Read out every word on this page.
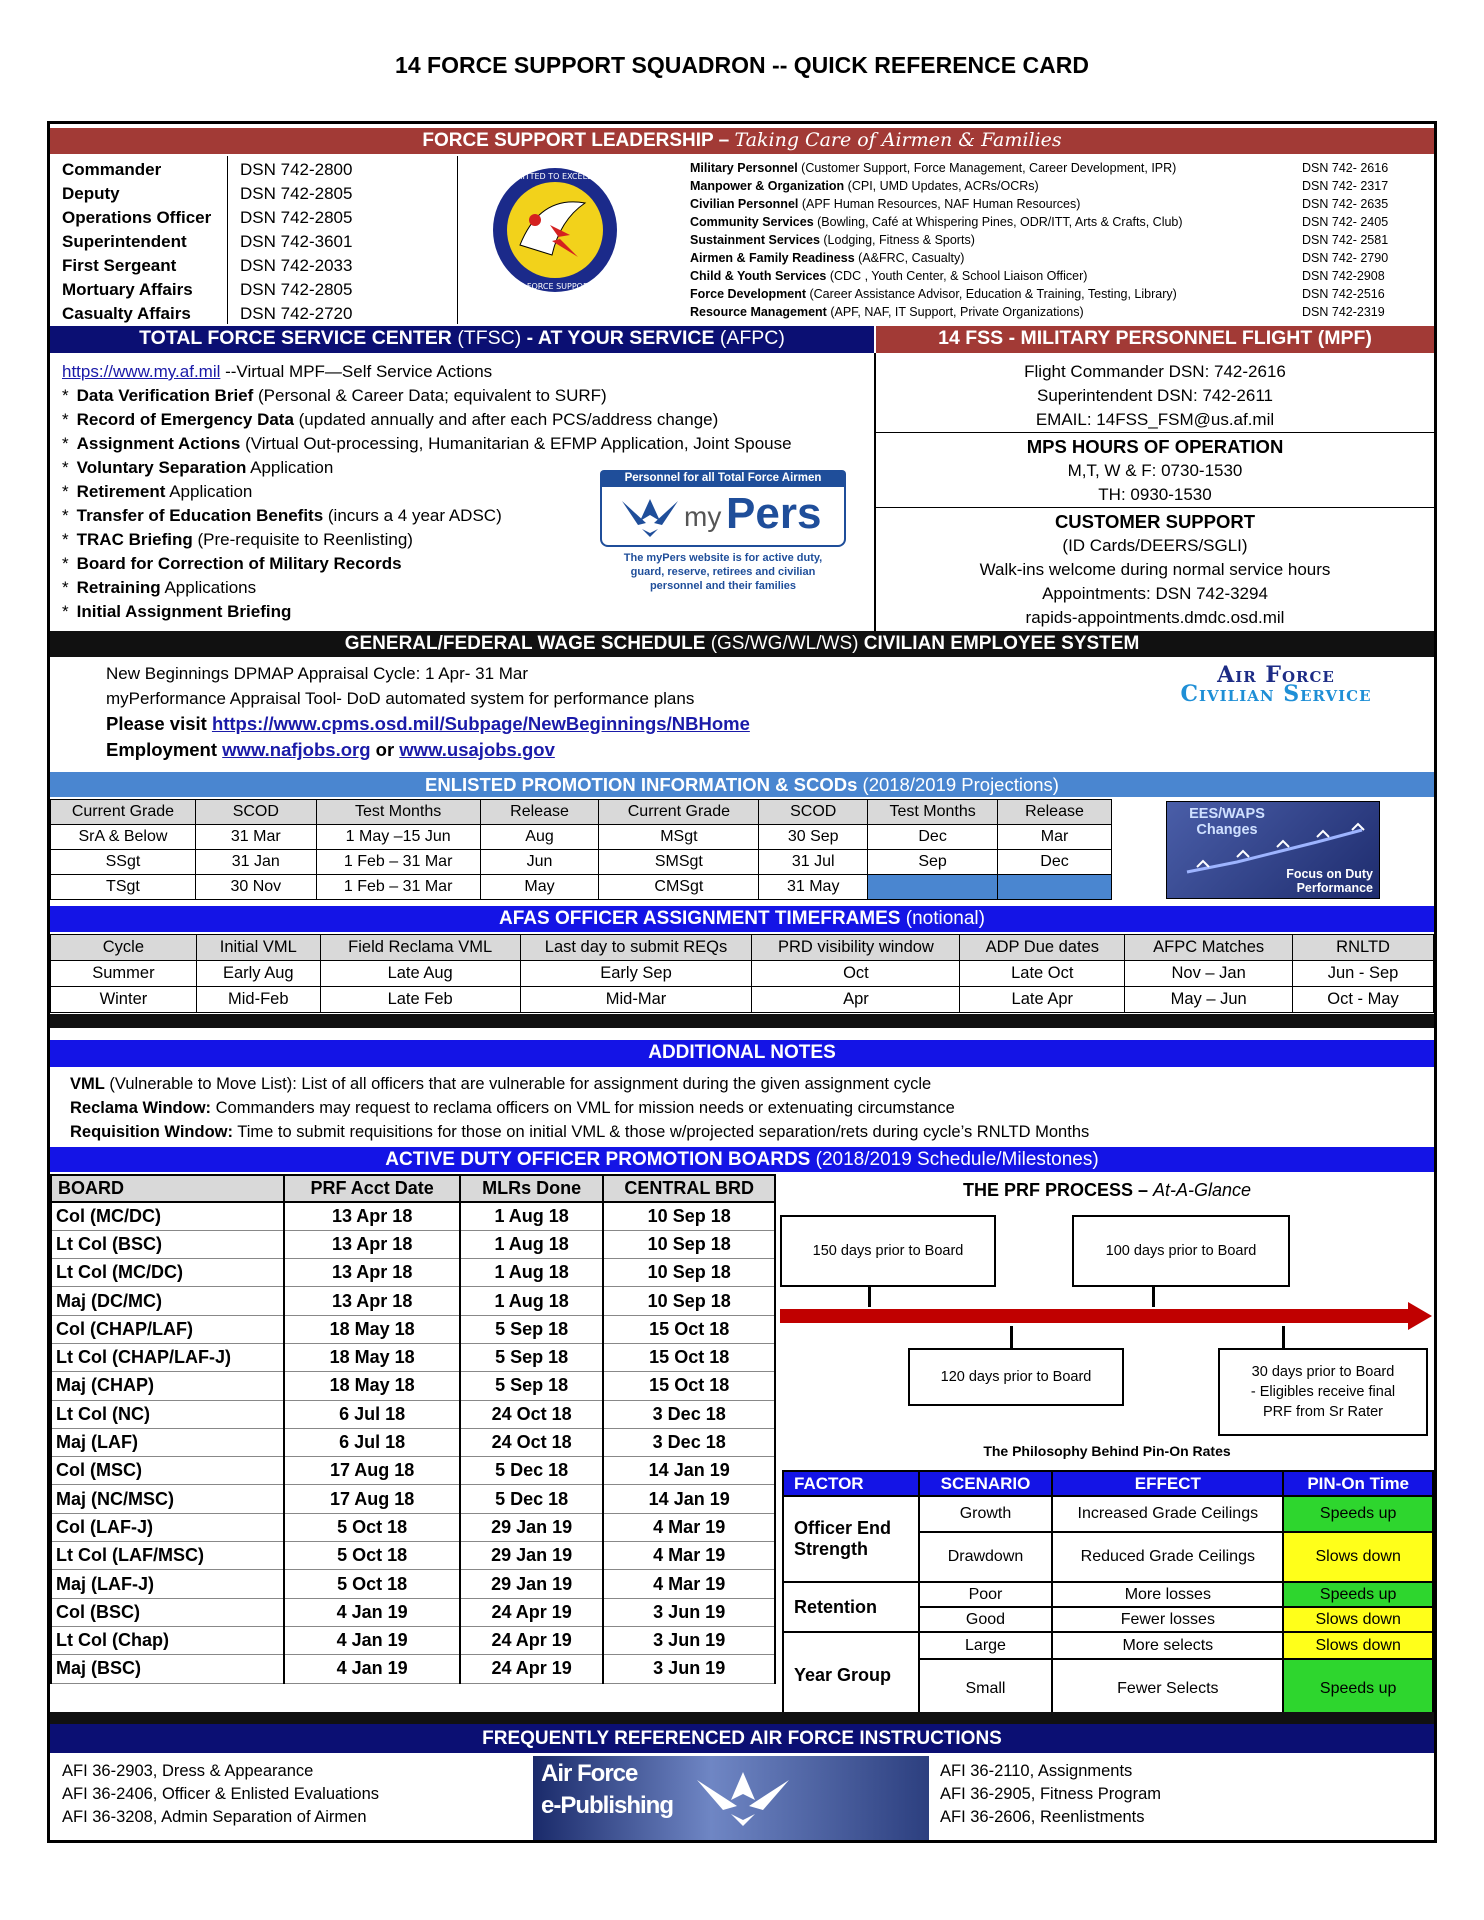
14 FORCE SUPPORT SQUADRON -- QUICK REFERENCE CARD
FORCE SUPPORT LEADERSHIP – Taking Care of Airmen & Families
Commander	DSN 742-2800
Deputy	DSN 742-2805
Operations Officer DSN 742-2805
Superintendent	DSN 742-3601
First Sergeant	DSN 742-2033
Mortuary Affairs	DSN 742-2805
Casualty Affairs	DSN 742-2720
COMMITTED TO EXCELLENCE
14TH FORCE SUPPORT SQ
Military Personnel (Customer Support, Force Management, Career Development, IPR)	DSN 742- 2616
Manpower & Organization (CPI, UMD Updates, ACRs/OCRs)	DSN 742- 2317
Civilian Personnel (APF Human Resources, NAF Human Resources)	DSN 742- 2635
Community Services (Bowling, Café at Whispering Pines, ODR/ITT, Arts & Crafts, Club)	DSN 742- 2405
Sustainment Services (Lodging, Fitness & Sports)	DSN 742- 2581
Airmen & Family Readiness (A&FRC, Casualty)	DSN 742- 2790
Child & Youth Services (CDC , Youth Center, & School Liaison Officer)	DSN 742-2908
Force Development (Career Assistance Advisor, Education & Training, Testing, Library)	DSN 742-2516
Resource Management (APF, NAF, IT Support, Private Organizations)	DSN 742-2319
TOTAL FORCE SERVICE CENTER (TFSC) - AT YOUR SERVICE (AFPC)	14 FSS - MILITARY PERSONNEL FLIGHT (MPF)
https://www.my.af.mil --Virtual MPF—Self Service Actions
* Data Verification Brief (Personal & Career Data; equivalent to SURF)
* Record of Emergency Data (updated annually and after each PCS/address change)
* Assignment Actions (Virtual Out-processing, Humanitarian & EFMP Application, Joint Spouse
* Voluntary Separation Application
* Retirement Application
* Transfer of Education Benefits (incurs a 4 year ADSC)
* TRAC Briefing (Pre-requisite to Reenlisting)
* Board for Correction of Military Records
* Retraining Applications
* Initial Assignment Briefing
Personnel for all Total Force Airmen
my Pers
The myPers website is for active duty, guard, reserve, retirees and civilian personnel and their families
Flight Commander DSN: 742-2616
Superintendent DSN: 742-2611
EMAIL: 14FSS_FSM@us.af.mil
MPS HOURS OF OPERATION
M,T, W & F: 0730-1530
TH: 0930-1530
CUSTOMER SUPPORT
(ID Cards/DEERS/SGLI)
Walk-ins welcome during normal service hours
Appointments: DSN 742-3294
rapids-appointments.dmdc.osd.mil
GENERAL/FEDERAL WAGE SCHEDULE (GS/WG/WL/WS) CIVILIAN EMPLOYEE SYSTEM
New Beginnings DPMAP Appraisal Cycle: 1 Apr- 31 Mar
myPerformance Appraisal Tool- DoD automated system for performance plans
Please visit https://www.cpms.osd.mil/Subpage/NewBeginnings/NBHome
Employment www.nafjobs.org or www.usajobs.gov
Air Force
Civilian Service
ENLISTED PROMOTION INFORMATION & SCODs (2018/2019 Projections)
Current Grade	SCOD	Test Months	Release	Current Grade	SCOD	Test Months	Release
SrA & Below	31 Mar	1 May –15 Jun	Aug	MSgt	30 Sep	Dec	Mar
SSgt	31 Jan	1 Feb – 31 Mar	Jun	SMSgt	31 Jul	Sep	Dec
TSgt	30 Nov	1 Feb – 31 Mar	May	CMSgt	31 May		
EES/WAPS Changes
Focus on Duty Performance
AFAS OFFICER ASSIGNMENT TIMEFRAMES (notional)
Cycle	Initial VML	Field Reclama VML	Last day to submit REQs	PRD visibility window	ADP Due dates	AFPC Matches	RNLTD
Summer	Early Aug	Late Aug	Early Sep	Oct	Late Oct	Nov – Jan	Jun - Sep
Winter	Mid-Feb	Late Feb	Mid-Mar	Apr	Late Apr	May – Jun	Oct - May
ADDITIONAL NOTES
VML (Vulnerable to Move List): List of all officers that are vulnerable for assignment during the given assignment cycle
Reclama Window: Commanders may request to reclama officers on VML for mission needs or extenuating circumstance
Requisition Window: Time to submit requisitions for those on initial VML & those w/projected separation/rets during cycle’s RNLTD Months
ACTIVE DUTY OFFICER PROMOTION BOARDS (2018/2019 Schedule/Milestones)
BOARD	PRF Acct Date	MLRs Done	CENTRAL BRD
Col (MC/DC)	13 Apr 18	1 Aug 18	10 Sep 18
Lt Col (BSC)	13 Apr 18	1 Aug 18	10 Sep 18
Lt Col (MC/DC)	13 Apr 18	1 Aug 18	10 Sep 18
Maj (DC/MC)	13 Apr 18	1 Aug 18	10 Sep 18
Col (CHAP/LAF)	18 May 18	5 Sep 18	15 Oct 18
Lt Col (CHAP/LAF-J)	18 May 18	5 Sep 18	15 Oct 18
Maj (CHAP)	18 May 18	5 Sep 18	15 Oct 18
Lt Col (NC)	6 Jul 18	24 Oct 18	3 Dec 18
Maj (LAF)	6 Jul 18	24 Oct 18	3 Dec 18
Col (MSC)	17 Aug 18	5 Dec 18	14 Jan 19
Maj (NC/MSC)	17 Aug 18	5 Dec 18	14 Jan 19
Col (LAF-J)	5 Oct 18	29 Jan 19	4 Mar 19
Lt Col (LAF/MSC)	5 Oct 18	29 Jan 19	4 Mar 19
Maj (LAF-J)	5 Oct 18	29 Jan 19	4 Mar 19
Col (BSC)	4 Jan 19	24 Apr 19	3 Jun 19
Lt Col (Chap)	4 Jan 19	24 Apr 19	3 Jun 19
Maj (BSC)	4 Jan 19	24 Apr 19	3 Jun 19
THE PRF PROCESS – At-A-Glance
150 days prior to Board	100 days prior to Board
120 days prior to Board	30 days prior to Board
- Eligibles receive final
PRF from Sr Rater
The Philosophy Behind Pin-On Rates
FACTOR	SCENARIO	EFFECT	PIN-On Time
Officer End Strength	Growth	Increased Grade Ceilings	Speeds up
	Drawdown	Reduced Grade Ceilings	Slows down
Retention	Poor	More losses	Speeds up
	Good	Fewer losses	Slows down
Year Group	Large	More selects	Slows down
	Small	Fewer Selects	Speeds up
FREQUENTLY REFERENCED AIR FORCE INSTRUCTIONS
AFI 36-2903, Dress & Appearance
AFI 36-2406, Officer & Enlisted Evaluations
AFI 36-3208, Admin Separation of Airmen
Air Force
e-Publishing
AFI 36-2110, Assignments
AFI 36-2905, Fitness Program
AFI 36-2606, Reenlistments
